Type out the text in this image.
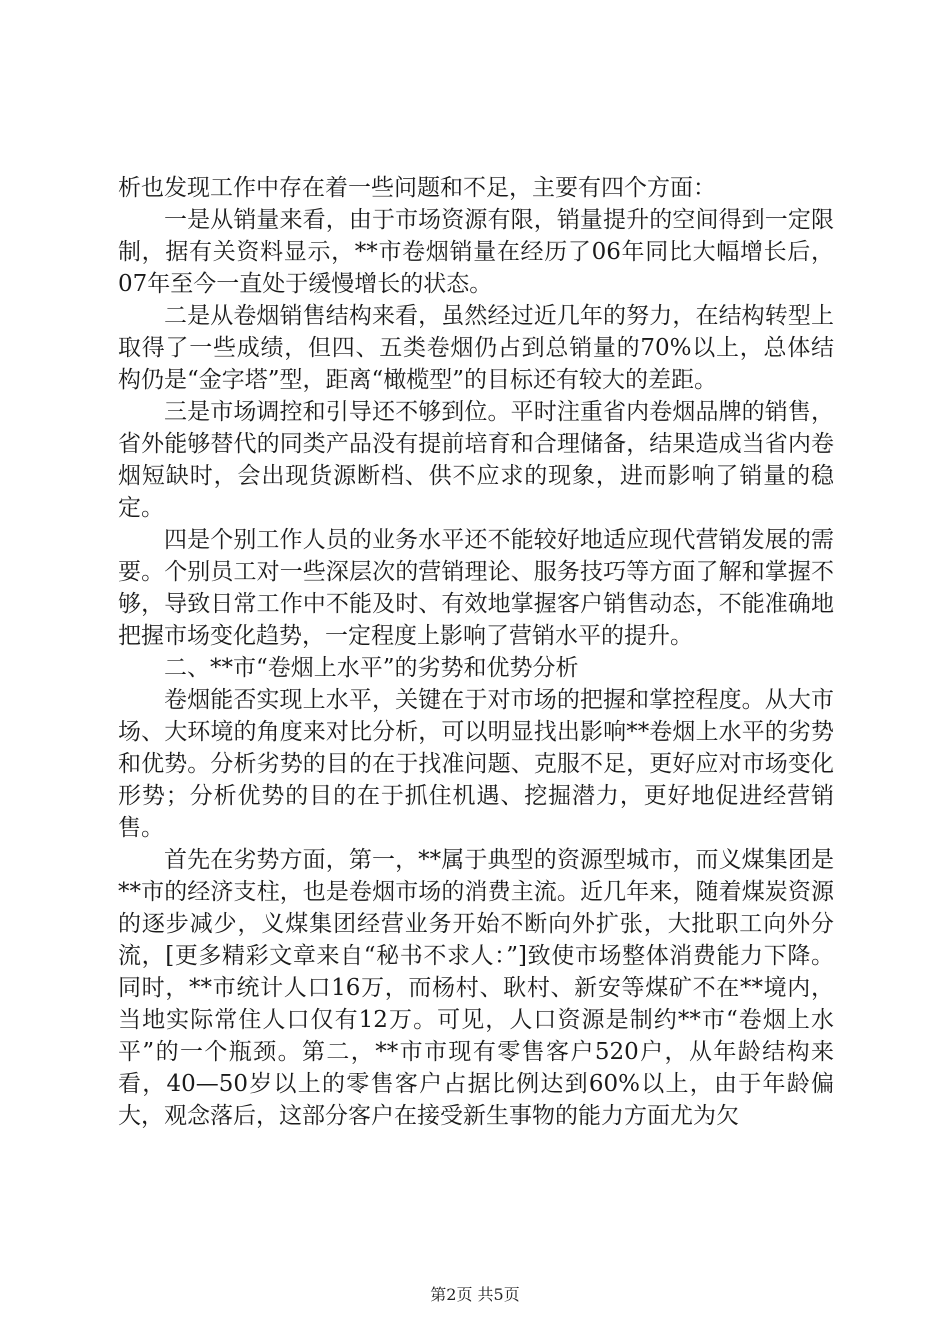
析也发现工作中存在着一些问题和不足，主要有四个方面：

一是从销量来看，由于市场资源有限，销量提升的空间得到一定限制，据有关资料显示，**市卷烟销量在经历了06年同比大幅增长后，07年至今一直处于缓慢增长的状态。

二是从卷烟销售结构来看，虽然经过近几年的努力，在结构转型上取得了一些成绩，但四、五类卷烟仍占到总销量的70%以上，总体结构仍是“金字塔”型，距离“橄榄型”的目标还有较大的差距。

三是市场调控和引导还不够到位。平时注重省内卷烟品牌的销售，省外能够替代的同类产品没有提前培育和合理储备，结果造成当省内卷烟短缺时，会出现货源断档、供不应求的现象，进而影响了销量的稳定。

四是个别工作人员的业务水平还不能较好地适应现代营销发展的需要。个别员工对一些深层次的营销理论、服务技巧等方面了解和掌握不够，导致日常工作中不能及时、有效地掌握客户销售动态，不能准确地把握市场变化趋势，一定程度上影响了营销水平的提升。

二、**市“卷烟上水平”的劣势和优势分析

卷烟能否实现上水平，关键在于对市场的把握和掌控程度。从大市场、大环境的角度来对比分析，可以明显找出影响**卷烟上水平的劣势和优势。分析劣势的目的在于找准问题、克服不足，更好应对市场变化形势；分析优势的目的在于抓住机遇、挖掘潜力，更好地促进经营销售。

首先在劣势方面，第一，**属于典型的资源型城市，而义煤集团是**市的经济支柱，也是卷烟市场的消费主流。近几年来，随着煤炭资源的逐步减少，义煤集团经营业务开始不断向外扩张，大批职工向外分流，[更多精彩文章来自“秘书不求人：”]致使市场整体消费能力下降。同时，**市统计人口16万，而杨村、耿村、新安等煤矿不在**境内，当地实际常住人口仅有12万。可见，人口资源是制约**市“卷烟上水平”的一个瓶颈。第二，**市市现有零售客户520户，从年龄结构来看，40—50岁以上的零售客户占据比例达到60%以上，由于年龄偏大，观念落后，这部分客户在接受新生事物的能力方面尤为欠

第2页 共5页
